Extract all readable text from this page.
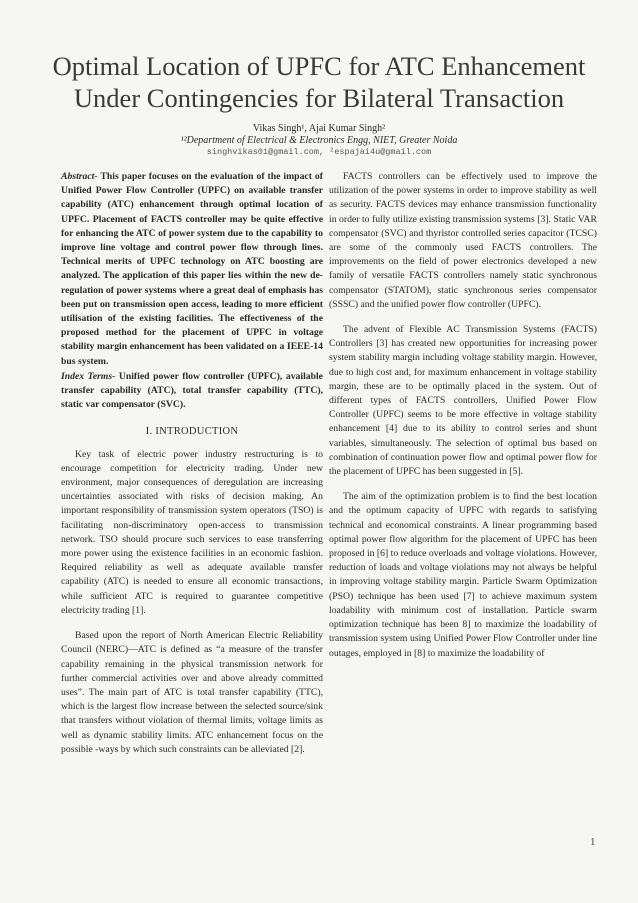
Optimal Location of UPFC for ATC Enhancement
Under Contingencies for Bilateral Transaction
Vikas Singh¹, Ajai Kumar Singh²
¹²Department of Electrical & Electronics Engg, NIET, Greater Noida
singhvikas01@gmail.com, ²espajai4u@gmail.com

Abstract- This paper focuses on the evaluation of the impact of Unified Power Flow Controller (UPFC) on available transfer capability (ATC) enhancement through optimal location of UPFC. Placement of FACTS controller may be quite effective for enhancing the ATC of power system due to the capability to improve line voltage and control power flow through lines. Technical merits of UPFC technology on ATC boosting are analyzed. The application of this paper lies within the new de-regulation of power systems where a great deal of emphasis has been put on transmission open access, leading to more efficient utilisation of the existing facilities. The effectiveness of the proposed method for the placement of UPFC in voltage stability margin enhancement has been validated on a IEEE-14 bus system.

Index Terms- Unified power flow controller (UPFC), available transfer capability (ATC), total transfer capability (TTC), static var compensator (SVC).

I. INTRODUCTION

Key task of electric power industry restructuring is to encourage competition for electricity trading. Under new environment, major consequences of deregulation are increasing uncertainties associated with risks of decision making. An important responsibility of transmission system operators (TSO) is facilitating non-discriminatory open-access to transmission network. TSO should procure such services to ease transferring more power using the existence facilities in an economic fashion. Required reliability as well as adequate available transfer capability (ATC) is needed to ensure all economic transactions, while sufficient ATC is required to guarantee competitive electricity trading [1].

Based upon the report of North American Electric Reliability Council (NERC)—ATC is defined as “a measure of the transfer capability remaining in the physical transmission network for further commercial activities over and above already committed uses”. The main part of ATC is total transfer capability (TTC), which is the largest flow increase between the selected source/sink that transfers without violation of thermal limits, voltage limits as well as dynamic stability limits. ATC enhancement focus on the possible -ways by which such constraints can be alleviated [2].

FACTS controllers can be effectively used to improve the utilization of the power systems in order to improve stability as well as security. FACTS devices may enhance transmission functionality in order to fully utilize existing transmission systems [3]. Static VAR compensator (SVC) and thyristor controlled series capacitor (TCSC) are some of the commonly used FACTS controllers. The improvements on the field of power electronics developed a new family of versatile FACTS controllers namely static synchronous compensator (STATOM), static synchronous series compensator (SSSC) and the unified power flow controller (UPFC).

The advent of Flexible AC Transmission Systems (FACTS) Controllers [3] has created new opportunities for increasing power system stability margin including voltage stability margin. However, due to high cost and, for maximum enhancement in voltage stability margin, these are to be optimally placed in the system. Out of different types of FACTS controllers, Unified Power Flow Controller (UPFC) seems to be more effective in voltage stability enhancement [4] due to its ability to control series and shunt variables, simultaneously. The selection of optimal bus based on combination of continuation power flow and optimal power flow for the placement of UPFC has been suggested in [5].

The aim of the optimization problem is to find the best location and the optimum capacity of UPFC with regards to satisfying technical and economical constraints. A linear programming based optimal power flow algorithm for the placement of UPFC has been proposed in [6] to reduce overloads and voltage violations. However, reduction of loads and voltage violations may not always be helpful in improving voltage stability margin. Particle Swarm Optimization (PSO) technique has been used [7] to achieve maximum system loadability with minimum cost of installation. Particle swarm optimization technique has been 8] to maximize the loadability of transmission system using Unified Power Flow Controller under line outages, employed in [8] to maximize the loadability of

1
